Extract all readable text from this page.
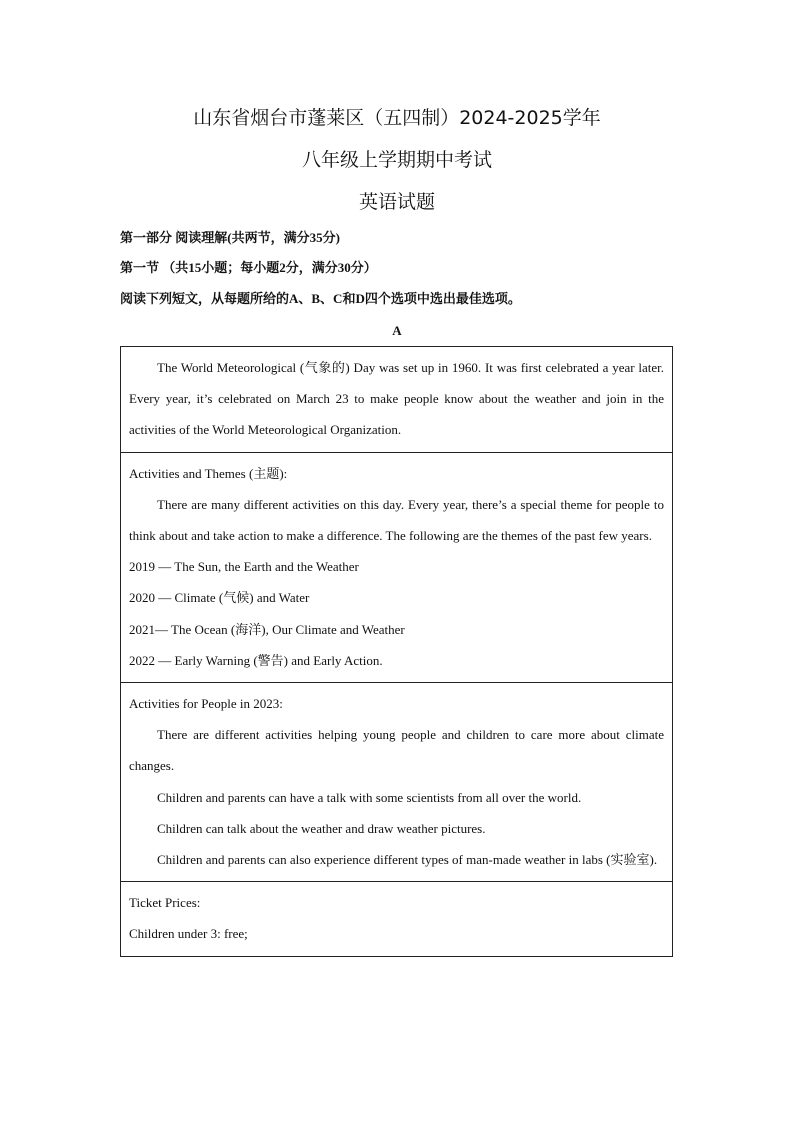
山东省烟台市蓬莱区（五四制）2024-2025学年
八年级上学期期中考试
英语试题
第一部分 阅读理解(共两节，满分35分)
第一节 （共15小题；每小题2分，满分30分）
阅读下列短文，从每题所给的A、B、C和D四个选项中选出最佳选项。
A

The World Meteorological (气象的) Day was set up in 1960. It was first celebrated a year later. Every year, it’s celebrated on March 23 to make people know about the weather and join in the activities of the World Meteorological Organization.

Activities and Themes (主题):

There are many different activities on this day. Every year, there’s a special theme for people to think about and take action to make a difference. The following are the themes of the past few years.

2019 — The Sun, the Earth and the Weather

2020 — Climate (气候) and Water

2021— The Ocean (海洋), Our Climate and Weather

2022 — Early Warning (警告) and Early Action.

Activities for People in 2023:

There are different activities helping young people and children to care more about climate changes.

Children and parents can have a talk with some scientists from all over the world.

Children can talk about the weather and draw weather pictures.

Children and parents can also experience different types of man-made weather in labs (实验室).

Ticket Prices:

Children under 3: free;
